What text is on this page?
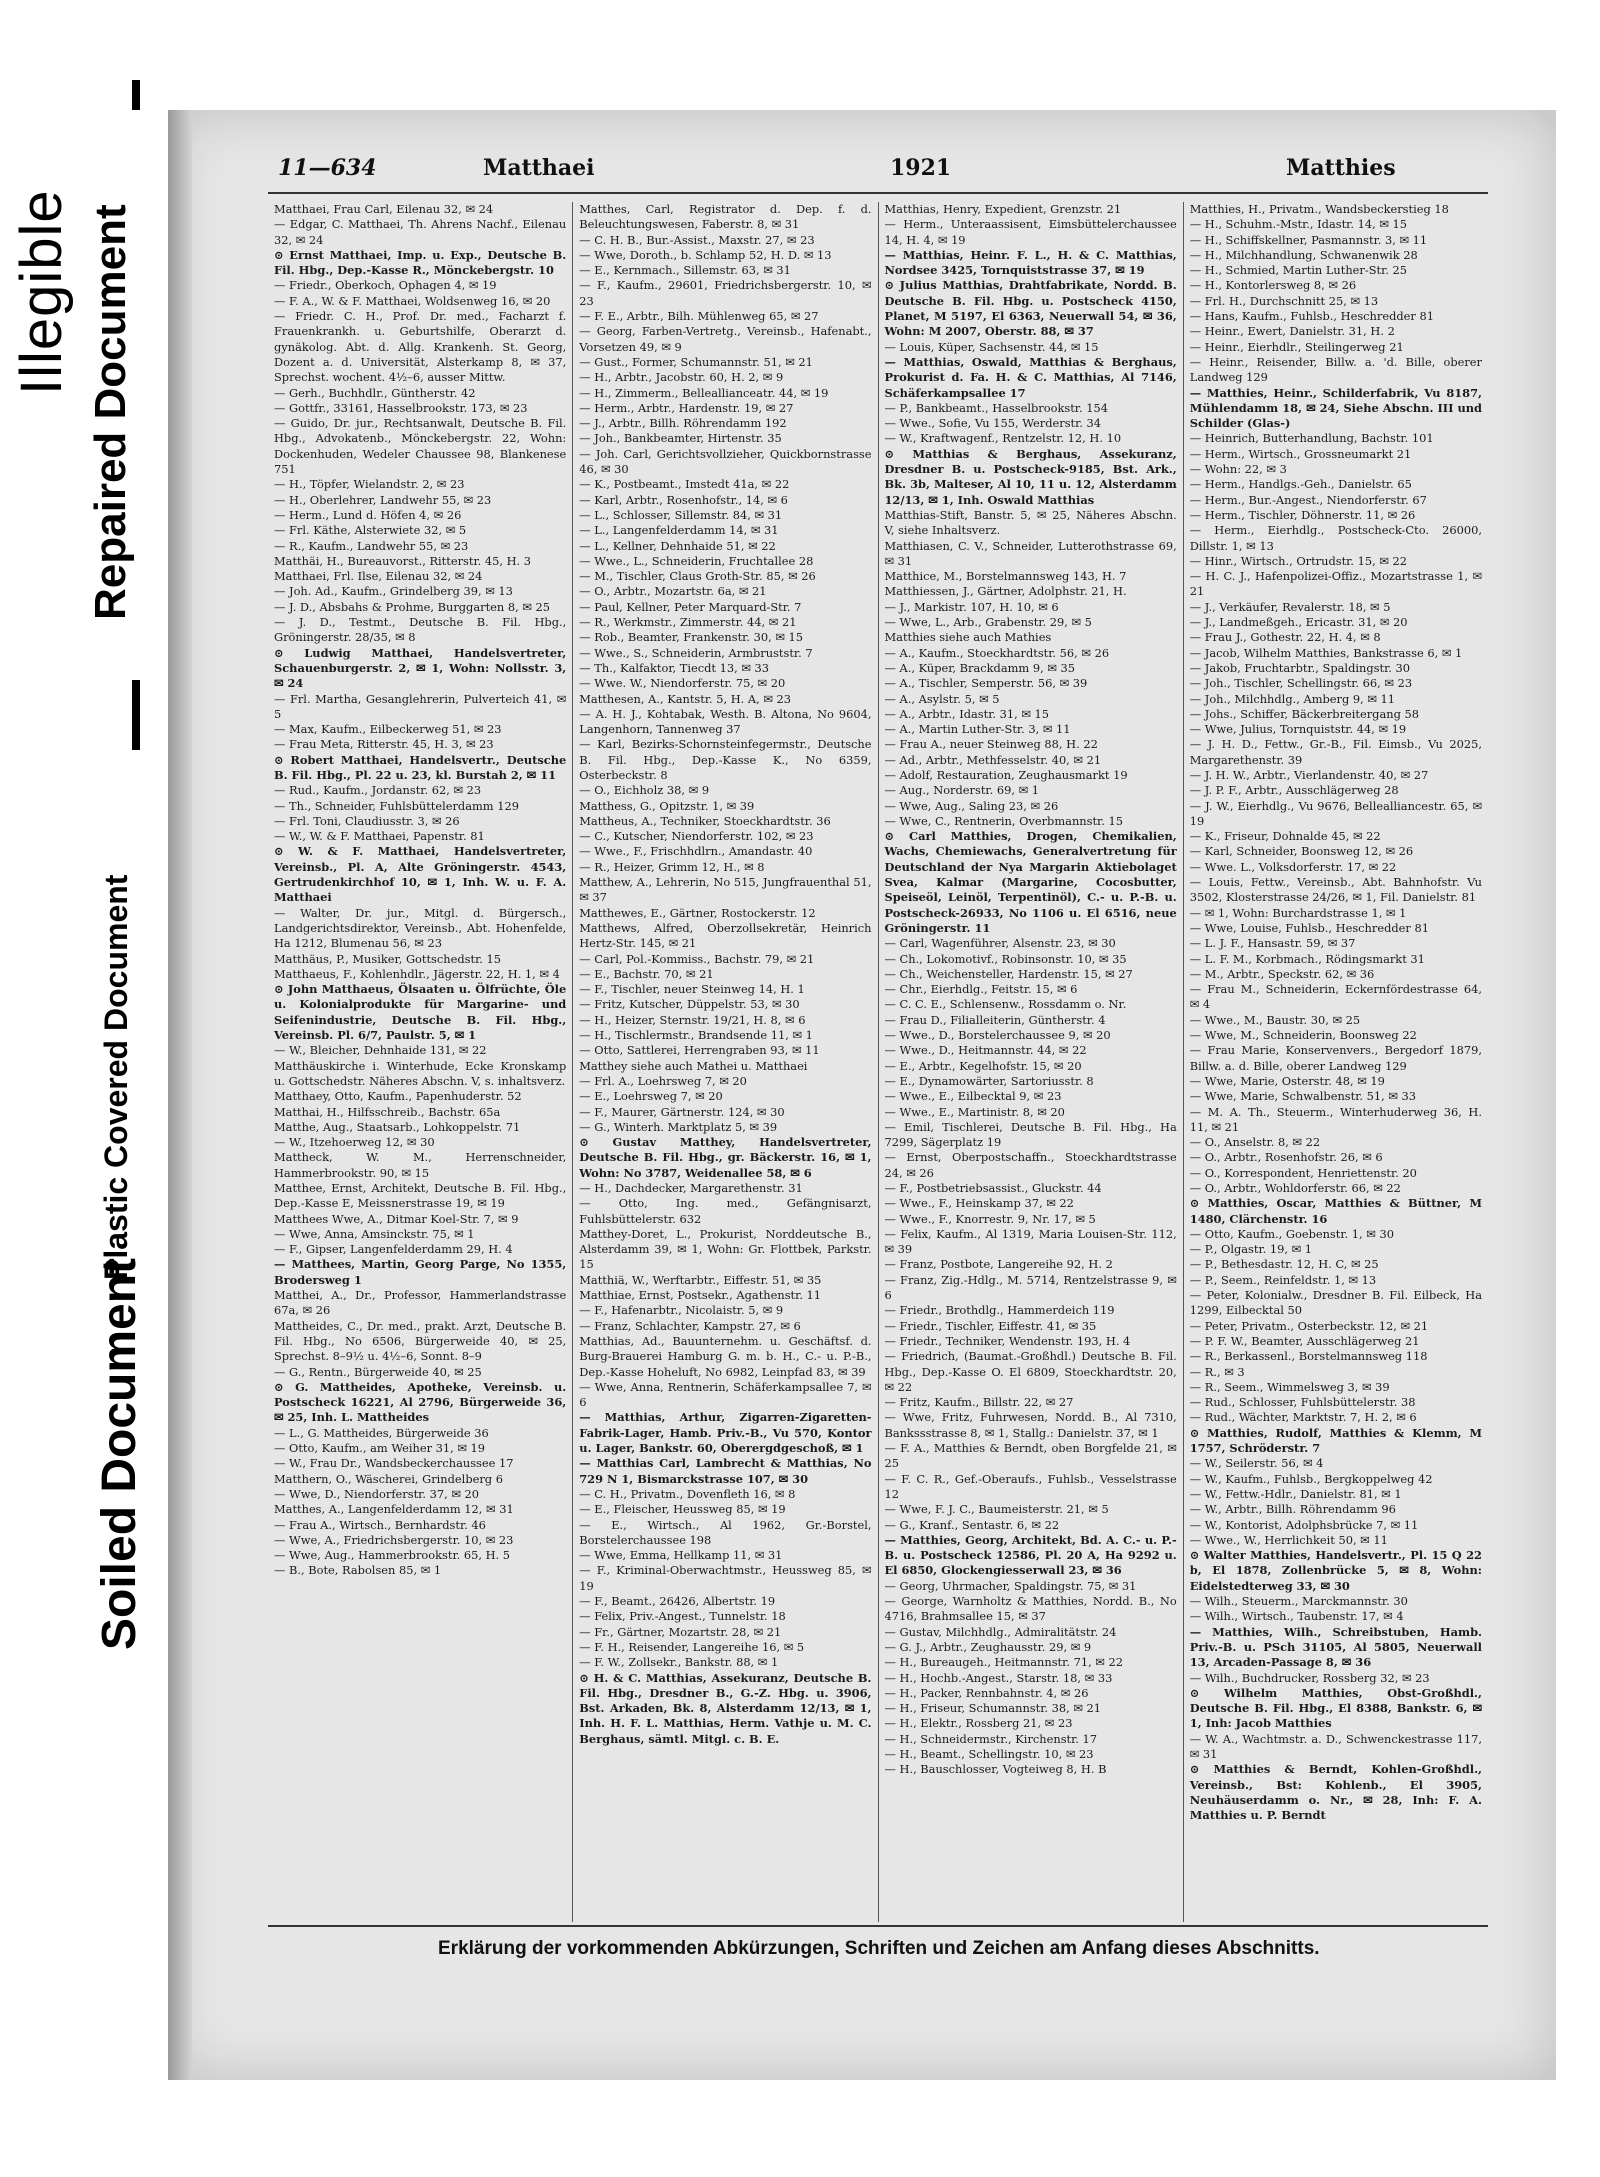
Illegible Repaired Document
Plastic Covered Document
Soiled Document
11—634	Matthaei	1921	Matthies

Matthaei, Frau Carl, Eilenau 32, ✉ 24

— Edgar, C. Matthaei, Th. Ahrens Nachf., Eilenau 32, ✉ 24

⊙ Ernst Matthaei, Imp. u. Exp., Deutsche B. Fil. Hbg., Dep.-Kasse R., Mönckebergstr. 10

— Friedr., Oberkoch, Ophagen 4, ✉ 19

— F. A., W. & F. Matthaei, Woldsenweg 16, ✉ 20

— Friedr. C. H., Prof. Dr. med., Facharzt f. Frauenkrankh. u. Geburtshilfe, Oberarzt d. gynäkolog. Abt. d. Allg. Krankenh. St. Georg, Dozent a. d. Universität, Alsterkamp 8, ✉ 37, Sprechst. wochent. 4½–6, ausser Mittw.

— Gerh., Buchhdlr., Güntherstr. 42

— Gottfr., 33161, Hasselbrookstr. 173, ✉ 23

— Guido, Dr. jur., Rechtsanwalt, Deutsche B. Fil. Hbg., Advokatenb., Mönckebergstr. 22, Wohn: Dockenhuden, Wedeler Chaussee 98, Blankenese 751

— H., Töpfer, Wielandstr. 2, ✉ 23

— H., Oberlehrer, Landwehr 55, ✉ 23

— Herm., Lund d. Höfen 4, ✉ 26

— Frl. Käthe, Alsterwiete 32, ✉ 5

— R., Kaufm., Landwehr 55, ✉ 23

Matthäi, H., Bureauvorst., Ritterstr. 45, H. 3

Matthaei, Frl. Ilse, Eilenau 32, ✉ 24

— Joh. Ad., Kaufm., Grindelberg 39, ✉ 13

— J. D., Absbahs & Prohme, Burggarten 8, ✉ 25

— J. D., Testmt., Deutsche B. Fil. Hbg., Gröningerstr. 28/35, ✉ 8

⊙ Ludwig Matthaei, Handelsvertreter, Schauenburgerstr. 2, ✉ 1, Wohn: Nollsstr. 3, ✉ 24

— Frl. Martha, Gesanglehrerin, Pulverteich 41, ✉ 5

— Max, Kaufm., Eilbeckerweg 51, ✉ 23

— Frau Meta, Ritterstr. 45, H. 3, ✉ 23

⊙ Robert Matthaei, Handelsvertr., Deutsche B. Fil. Hbg., Pl. 22 u. 23, kl. Burstah 2, ✉ 11

— Rud., Kaufm., Jordanstr. 62, ✉ 23

— Th., Schneider, Fuhlsbüttelerdamm 129

— Frl. Toni, Claudiusstr. 3, ✉ 26

— W., W. & F. Matthaei, Papenstr. 81

⊙ W. & F. Matthaei, Handelsvertreter, Vereinsb., Pl. A, Alte Gröningerstr. 4543, Gertrudenkirchhof 10, ✉ 1, Inh. W. u. F. A. Matthaei

— Walter, Dr. jur., Mitgl. d. Bürgersch., Landgerichtsdirektor, Vereinsb., Abt. Hohenfelde, Ha 1212, Blumenau 56, ✉ 23

Matthäus, P., Musiker, Gottschedstr. 15

Matthaeus, F., Kohlenhdlr., Jägerstr. 22, H. 1, ✉ 4

⊙ John Matthaeus, Ölsaaten u. Ölfrüchte, Öle u. Kolonialprodukte für Margarine- und Seifenindustrie, Deutsche B. Fil. Hbg., Vereinsb. Pl. 6/7, Paulstr. 5, ✉ 1

— W., Bleicher, Dehnhaide 131, ✉ 22

Matthäuskirche i. Winterhude, Ecke Kronskamp u. Gottschedstr. Näheres Abschn. V, s. inhaltsverz.

Matthaey, Otto, Kaufm., Papenhuderstr. 52

Matthai, H., Hilfsschreib., Bachstr. 65a

Matthe, Aug., Staatsarb., Lohkoppelstr. 71

— W., Itzehoerweg 12, ✉ 30

Mattheck, W. M., Herrenschneider, Hammerbrookstr. 90, ✉ 15

Matthee, Ernst, Architekt, Deutsche B. Fil. Hbg., Dep.-Kasse E, Meissnerstrasse 19, ✉ 19

Matthees Wwe, A., Ditmar Koel-Str. 7, ✉ 9

— Wwe, Anna, Amsinckstr. 75, ✉ 1

— F., Gipser, Langenfelderdamm 29, H. 4

— Matthees, Martin, Georg Parge, No 1355, Brodersweg 1

Matthei, A., Dr., Professor, Hammerlandstrasse 67a, ✉ 26

Mattheides, C., Dr. med., prakt. Arzt, Deutsche B. Fil. Hbg., No 6506, Bürgerweide 40, ✉ 25, Sprechst. 8–9½ u. 4½–6, Sonnt. 8–9

— G., Rentn., Bürgerweide 40, ✉ 25

⊙ G. Mattheides, Apotheke, Vereinsb. u. Postscheck 16221, Al 2796, Bürgerweide 36, ✉ 25, Inh. L. Mattheides

— L., G. Mattheides, Bürgerweide 36

— Otto, Kaufm., am Weiher 31, ✉ 19

— W., Frau Dr., Wandsbeckerchaussee 17

Matthern, O., Wäscherei, Grindelberg 6

— Wwe, D., Niendorferstr. 37, ✉ 20

Matthes, A., Langenfelderdamm 12, ✉ 31

— Frau A., Wirtsch., Bernhardstr. 46

— Wwe, A., Friedrichsbergerstr. 10, ✉ 23

— Wwe, Aug., Hammerbrookstr. 65, H. 5

— B., Bote, Rabolsen 85, ✉ 1

Matthes, Carl, Registrator d. Dep. f. d. Beleuchtungswesen, Faberstr. 8, ✉ 31

— C. H. B., Bur.-Assist., Maxstr. 27, ✉ 23

— Wwe, Doroth., b. Schlamp 52, H. D. ✉ 13

— E., Kernmach., Sillemstr. 63, ✉ 31

— F., Kaufm., 29601, Friedrichsbergerstr. 10, ✉ 23

— F. E., Arbtr., Bilh. Mühlenweg 65, ✉ 27

— Georg, Farben-Vertretg., Vereinsb., Hafenabt., Vorsetzen 49, ✉ 9

— Gust., Former, Schumannstr. 51, ✉ 21

— H., Arbtr., Jacobstr. 60, H. 2, ✉ 9

— H., Zimmerm., Belleallianceatr. 44, ✉ 19

— Herm., Arbtr., Hardenstr. 19, ✉ 27

— J., Arbtr., Billh. Röhrendamm 192

— Joh., Bankbeamter, Hirtenstr. 35

— Joh. Carl, Gerichtsvollzieher, Quickbornstrasse 46, ✉ 30

— K., Postbeamt., Imstedt 41a, ✉ 22

— Karl, Arbtr., Rosenhofstr., 14, ✉ 6

— L., Schlosser, Sillemstr. 84, ✉ 31

— L., Langenfelderdamm 14, ✉ 31

— L., Kellner, Dehnhaide 51, ✉ 22

— Wwe., L., Schneiderin, Fruchtallee 28

— M., Tischler, Claus Groth-Str. 85, ✉ 26

— O., Arbtr., Mozartstr. 6a, ✉ 21

— Paul, Kellner, Peter Marquard-Str. 7

— R., Werkmstr., Zimmerstr. 44, ✉ 21

— Rob., Beamter, Frankenstr. 30, ✉ 15

— Wwe., S., Schneiderin, Armbruststr. 7

— Th., Kalfaktor, Tiecdt 13, ✉ 33

— Wwe. W., Niendorferstr. 75, ✉ 20

Matthesen, A., Kantstr. 5, H. A, ✉ 23

— A. H. J., Kohtabak, Westh. B. Altona, No 9604, Langenhorn, Tannenweg 37

— Karl, Bezirks-Schornsteinfegermstr., Deutsche B. Fil. Hbg., Dep.-Kasse K., No 6359, Osterbeckstr. 8

— O., Eichholz 38, ✉ 9

Matthess, G., Opitzstr. 1, ✉ 39

Mattheus, A., Techniker, Stoeckhardtstr. 36

— C., Kutscher, Niendorferstr. 102, ✉ 23

— Wwe., F., Frischhdlrn., Amandastr. 40

— R., Heizer, Grimm 12, H., ✉ 8

Matthew, A., Lehrerin, No 515, Jungfrauenthal 51, ✉ 37

Matthewes, E., Gärtner, Rostockerstr. 12

Matthews, Alfred, Oberzollsekretär, Heinrich Hertz-Str. 145, ✉ 21

— Carl, Pol.-Kommiss., Bachstr. 79, ✉ 21

— E., Bachstr. 70, ✉ 21

— F., Tischler, neuer Steinweg 14, H. 1

— Fritz, Kutscher, Düppelstr. 53, ✉ 30

— H., Heizer, Sternstr. 19/21, H. 8, ✉ 6

— H., Tischlermstr., Brandsende 11, ✉ 1

— Otto, Sattlerei, Herrengraben 93, ✉ 11

Matthey siehe auch Mathei u. Matthaei

— Frl. A., Loehrsweg 7, ✉ 20

— E., Loehrsweg 7, ✉ 20

— F., Maurer, Gärtnerstr. 124, ✉ 30

— G., Winterh. Marktplatz 5, ✉ 39

⊙ Gustav Matthey, Handelsvertreter, Deutsche B. Fil. Hbg., gr. Bäckerstr. 16, ✉ 1, Wohn: No 3787, Weidenallee 58, ✉ 6

— H., Dachdecker, Margarethenstr. 31

— Otto, Ing. med., Gefängnisarzt, Fuhlsbüttelerstr. 632

Matthey-Doret, L., Prokurist, Norddeutsche B., Alsterdamm 39, ✉ 1, Wohn: Gr. Flottbek, Parkstr. 15

Matthiä, W., Werftarbtr., Eiffestr. 51, ✉ 35

Matthiae, Ernst, Postsekr., Agathenstr. 11

— F., Hafenarbtr., Nicolaistr. 5, ✉ 9

— Franz, Schlachter, Kampstr. 27, ✉ 6

Matthias, Ad., Bauunternehm. u. Geschäftsf. d. Burg-Brauerei Hamburg G. m. b. H., C.- u. P.-B., Dep.-Kasse Hoheluft, No 6982, Leinpfad 83, ✉ 39

— Wwe, Anna, Rentnerin, Schäferkampsallee 7, ✉ 6

— Matthias, Arthur, Zigarren-Zigaretten-Fabrik-Lager, Hamb. Priv.-B., Vu 570, Kontor u. Lager, Bankstr. 60, Oberergdgeschoß, ✉ 1

— Matthias Carl, Lambrecht & Matthias, No 729 N 1, Bismarckstrasse 107, ✉ 30

— C. H., Privatm., Dovenfleth 16, ✉ 8

— E., Fleischer, Heussweg 85, ✉ 19

— E., Wirtsch., Al 1962, Gr.-Borstel, Borstelerchaussee 198

— Wwe, Emma, Hellkamp 11, ✉ 31

— F., Kriminal-Oberwachtmstr., Heussweg 85, ✉ 19

— F., Beamt., 26426, Albertstr. 19

— Felix, Priv.-Angest., Tunnelstr. 18

— Fr., Gärtner, Mozartstr. 28, ✉ 21

— F. H., Reisender, Langereihe 16, ✉ 5

— F. W., Zollsekr., Bankstr. 88, ✉ 1

⊙ H. & C. Matthias, Assekuranz, Deutsche B. Fil. Hbg., Dresdner B., G.-Z. Hbg. u. 3906, Bst. Arkaden, Bk. 8, Alsterdamm 12/13, ✉ 1, Inh. H. F. L. Matthias, Herm. Vathje u. M. C. Berghaus, sämtl. Mitgl. c. B. E.

Matthias, Henry, Expedient, Grenzstr. 21

— Herm., Unteraassisent, Eimsbüttelerchaussee 14, H. 4, ✉ 19

— Matthias, Heinr. F. L., H. & C. Matthias, Nordsee 3425, Tornquiststrasse 37, ✉ 19

⊙ Julius Matthias, Drahtfabrikate, Nordd. B. Deutsche B. Fil. Hbg. u. Postscheck 4150, Planet, M 5197, El 6363, Neuerwall 54, ✉ 36, Wohn: M 2007, Oberstr. 88, ✉ 37

— Louis, Küper, Sachsenstr. 44, ✉ 15

— Matthias, Oswald, Matthias & Berghaus, Prokurist d. Fa. H. & C. Matthias, Al 7146, Schäferkampsallee 17

— P., Bankbeamt., Hasselbrookstr. 154

— Wwe., Sofie, Vu 155, Werderstr. 34

— W., Kraftwagenf., Rentzelstr. 12, H. 10

⊙ Matthias & Berghaus, Assekuranz, Dresdner B. u. Postscheck-9185, Bst. Ark., Bk. 3b, Malteser, Al 10, 11 u. 12, Alsterdamm 12/13, ✉ 1, Inh. Oswald Matthias

Matthias-Stift, Banstr. 5, ✉ 25, Näheres Abschn. V, siehe Inhaltsverz.

Matthiasen, C. V., Schneider, Lutterothstrasse 69, ✉ 31

Matthice, M., Borstelmannsweg 143, H. 7

Matthiessen, J., Gärtner, Adolphstr. 21, H.

— J., Markistr. 107, H. 10, ✉ 6

— Wwe, L., Arb., Grabenstr. 29, ✉ 5

Matthies siehe auch Mathies

— A., Kaufm., Stoeckhardtstr. 56, ✉ 26

— A., Küper, Brackdamm 9, ✉ 35

— A., Tischler, Semperstr. 56, ✉ 39

— A., Asylstr. 5, ✉ 5

— A., Arbtr., Idastr. 31, ✉ 15

— A., Martin Luther-Str. 3, ✉ 11

— Frau A., neuer Steinweg 88, H. 22

— Ad., Arbtr., Methfesselstr. 40, ✉ 21

— Adolf, Restauration, Zeughausmarkt 19

— Aug., Norderstr. 69, ✉ 1

— Wwe, Aug., Saling 23, ✉ 26

— Wwe, C., Rentnerin, Overbmannstr. 15

⊙ Carl Matthies, Drogen, Chemikalien, Wachs, Chemiewachs, Generalvertretung für Deutschland der Nya Margarin Aktiebolaget Svea, Kalmar (Margarine, Cocosbutter, Speiseöl, Leinöl, Terpentinöl), C.- u. P.-B. u. Postscheck-26933, No 1106 u. El 6516, neue Gröningerstr. 11

— Carl, Wagenführer, Alsenstr. 23, ✉ 30

— Ch., Lokomotivf., Robinsonstr. 10, ✉ 35

— Ch., Weichensteller, Hardenstr. 15, ✉ 27

— Chr., Eierhdlg., Feitstr. 15, ✉ 6

— C. C. E., Schlensenw., Rossdamm o. Nr.

— Frau D., Filialleiterin, Güntherstr. 4

— Wwe., D., Borstelerchaussee 9, ✉ 20

— Wwe., D., Heitmannstr. 44, ✉ 22

— E., Arbtr., Kegelhofstr. 15, ✉ 20

— E., Dynamowärter, Sartoriusstr. 8

— Wwe., E., Eilbecktal 9, ✉ 23

— Wwe., E., Martinistr. 8, ✉ 20

— Emil, Tischlerei, Deutsche B. Fil. Hbg., Ha 7299, Sägerplatz 19

— Ernst, Oberpostschaffn., Stoeckhardtstrasse 24, ✉ 26

— F., Postbetriebsassist., Gluckstr. 44

— Wwe., F., Heinskamp 37, ✉ 22

— Wwe., F., Knorrestr. 9, Nr. 17, ✉ 5

— Felix, Kaufm., Al 1319, Maria Louisen-Str. 112, ✉ 39

— Franz, Postbote, Langereihe 92, H. 2

— Franz, Zig.-Hdlg., M. 5714, Rentzelstrasse 9, ✉ 6

— Friedr., Brothdlg., Hammerdeich 119

— Friedr., Tischler, Eiffestr. 41, ✉ 35

— Friedr., Techniker, Wendenstr. 193, H. 4

— Friedrich, (Baumat.-Großhdl.) Deutsche B. Fil. Hbg., Dep.-Kasse O. El 6809, Stoeckhardtstr. 20, ✉ 22

— Fritz, Kaufm., Billstr. 22, ✉ 27

— Wwe, Fritz, Fuhrwesen, Nordd. B., Al 7310, Bankssstrasse 8, ✉ 1, Stallg.: Danielstr. 37, ✉ 1

— F. A., Matthies & Berndt, oben Borgfelde 21, ✉ 25

— F. C. R., Gef.-Oberaufs., Fuhlsb., Vesselstrasse 12

— Wwe, F. J. C., Baumeisterstr. 21, ✉ 5

— G., Kranf., Sentastr. 6, ✉ 22

— Matthies, Georg, Architekt, Bd. A. C.- u. P.-B. u. Postscheck 12586, Pl. 20 A, Ha 9292 u. El 6850, Glockengiesserwall 23, ✉ 36

— Georg, Uhrmacher, Spaldingstr. 75, ✉ 31

— George, Warnholtz & Matthies, Nordd. B., No 4716, Brahmsallee 15, ✉ 37

— Gustav, Milchhdlg., Admiralitätstr. 24

— G. J., Arbtr., Zeughausstr. 29, ✉ 9

— H., Bureaugeh., Heitmannstr. 71, ✉ 22

— H., Hochb.-Angest., Starstr. 18, ✉ 33

— H., Packer, Rennbahnstr. 4, ✉ 26

— H., Friseur, Schumannstr. 38, ✉ 21

— H., Elektr., Rossberg 21, ✉ 23

— H., Schneidermstr., Kirchenstr. 17

— H., Beamt., Schellingstr. 10, ✉ 23

— H., Bauschlosser, Vogteiweg 8, H. B

Matthies, H., Privatm., Wandsbeckerstieg 18

— H., Schuhm.-Mstr., Idastr. 14, ✉ 15

— H., Schiffskellner, Pasmannstr. 3, ✉ 11

— H., Milchhandlung, Schwanenwik 28

— H., Schmied, Martin Luther-Str. 25

— H., Kontorlersweg 8, ✉ 26

— Frl. H., Durchschnitt 25, ✉ 13

— Hans, Kaufm., Fuhlsb., Heschredder 81

— Heinr., Ewert, Danielstr. 31, H. 2

— Heinr., Eierhdlr., Steilingerweg 21

— Heinr., Reisender, Billw. a. 'd. Bille, oberer Landweg 129

— Matthies, Heinr., Schilderfabrik, Vu 8187, Mühlendamm 18, ✉ 24, Siehe Abschn. III und Schilder (Glas-)

— Heinrich, Butterhandlung, Bachstr. 101

— Herm., Wirtsch., Grossneumarkt 21

— Wohn: 22, ✉ 3

— Herm., Handlgs.-Geh., Danielstr. 65

— Herm., Bur.-Angest., Niendorferstr. 67

— Herm., Tischler, Döhnerstr. 11, ✉ 26

— Herm., Eierhdlg., Postscheck-Cto. 26000, Dillstr. 1, ✉ 13

— Hinr., Wirtsch., Ortrudstr. 15, ✉ 22

— H. C. J., Hafenpolizei-Offiz., Mozartstrasse 1, ✉ 21

— J., Verkäufer, Revalerstr. 18, ✉ 5

— J., Landmeßgeh., Ericastr. 31, ✉ 20

— Frau J., Gothestr. 22, H. 4, ✉ 8

— Jacob, Wilhelm Matthies, Bankstrasse 6, ✉ 1

— Jakob, Fruchtarbtr., Spaldingstr. 30

— Joh., Tischler, Schellingstr. 66, ✉ 23

— Joh., Milchhdlg., Amberg 9, ✉ 11

— Johs., Schiffer, Bäckerbreitergang 58

— Wwe, Julius, Tornquiststr. 44, ✉ 19

— J. H. D., Fettw., Gr.-B., Fil. Eimsb., Vu 2025, Margarethenstr. 39

— J. H. W., Arbtr., Vierlandenstr. 40, ✉ 27

— J. P. F., Arbtr., Ausschlägerweg 28

— J. W., Eierhdlg., Vu 9676, Bellealliancestr. 65, ✉ 19

— K., Friseur, Dohnalde 45, ✉ 22

— Karl, Schneider, Boonsweg 12, ✉ 26

— Wwe. L., Volksdorferstr. 17, ✉ 22

— Louis, Fettw., Vereinsb., Abt. Bahnhofstr. Vu 3502, Klosterstrasse 24/26, ✉ 1, Fil. Danielstr. 81

— ✉ 1, Wohn: Burchardstrasse 1, ✉ 1

— Wwe, Louise, Fuhlsb., Heschredder 81

— L. J. F., Hansastr. 59, ✉ 37

— L. F. M., Korbmach., Rödingsmarkt 31

— M., Arbtr., Speckstr. 62, ✉ 36

— Frau M., Schneiderin, Eckernfördestrasse 64, ✉ 4

— Wwe., M., Baustr. 30, ✉ 25

— Wwe, M., Schneiderin, Boonsweg 22

— Frau Marie, Konservenvers., Bergedorf 1879, Billw. a. d. Bille, oberer Landweg 129

— Wwe, Marie, Osterstr. 48, ✉ 19

— Wwe, Marie, Schwalbenstr. 51, ✉ 33

— M. A. Th., Steuerm., Winterhuderweg 36, H. 11, ✉ 21

— O., Anselstr. 8, ✉ 22

— O., Arbtr., Rosenhofstr. 26, ✉ 6

— O., Korrespondent, Henriettenstr. 20

— O., Arbtr., Wohldorferstr. 66, ✉ 22

⊙ Matthies, Oscar, Matthies & Büttner, M 1480, Clärchenstr. 16

— Otto, Kaufm., Goebenstr. 1, ✉ 30

— P., Olgastr. 19, ✉ 1

— P., Bethesdastr. 12, H. C, ✉ 25

— P., Seem., Reinfeldstr. 1, ✉ 13

— Peter, Kolonialw., Dresdner B. Fil. Eilbeck, Ha 1299, Eilbecktal 50

— Peter, Privatm., Osterbeckstr. 12, ✉ 21

— P. F. W., Beamter, Ausschlägerweg 21

— R., Berkassenl., Borstelmannsweg 118

— R., ✉ 3

— R., Seem., Wimmelsweg 3, ✉ 39

— Rud., Schlosser, Fuhlsbüttelerstr. 38

— Rud., Wächter, Marktstr. 7, H. 2, ✉ 6

⊙ Matthies, Rudolf, Matthies & Klemm, M 1757, Schröderstr. 7

— W., Seilerstr. 56, ✉ 4

— W., Kaufm., Fuhlsb., Bergkoppelweg 42

— W., Fettw.-Hdlr., Danielstr. 81, ✉ 1

— W., Arbtr., Billh. Röhrendamm 96

— W., Kontorist, Adolphsbrücke 7, ✉ 11

— Wwe., W., Herrlichkeit 50, ✉ 11

⊙ Walter Matthies, Handelsvertr., Pl. 15 Q 22 b, El 1878, Zollenbrücke 5, ✉ 8, Wohn: Eidelstedterweg 33, ✉ 30

— Wilh., Steuerm., Marckmannstr. 30

— Wilh., Wirtsch., Taubenstr. 17, ✉ 4

— Matthies, Wilh., Schreibstuben, Hamb. Priv.-B. u. PSch 31105, Al 5805, Neuerwall 13, Arcaden-Passage 8, ✉ 36

— Wilh., Buchdrucker, Rossberg 32, ✉ 23

⊙ Wilhelm Matthies, Obst-Großhdl., Deutsche B. Fil. Hbg., El 8388, Bankstr. 6, ✉ 1, Inh: Jacob Matthies

— W. A., Wachtmstr. a. D., Schwenckestrasse 117, ✉ 31

⊙ Matthies & Berndt, Kohlen-Großhdl., Vereinsb., Bst: Kohlenb., El 3905, Neuhäuserdamm o. Nr., ✉ 28, Inh: F. A. Matthies u. P. Berndt

Erklärung der vorkommenden Abkürzungen, Schriften und Zeichen am Anfang dieses Abschnitts.
